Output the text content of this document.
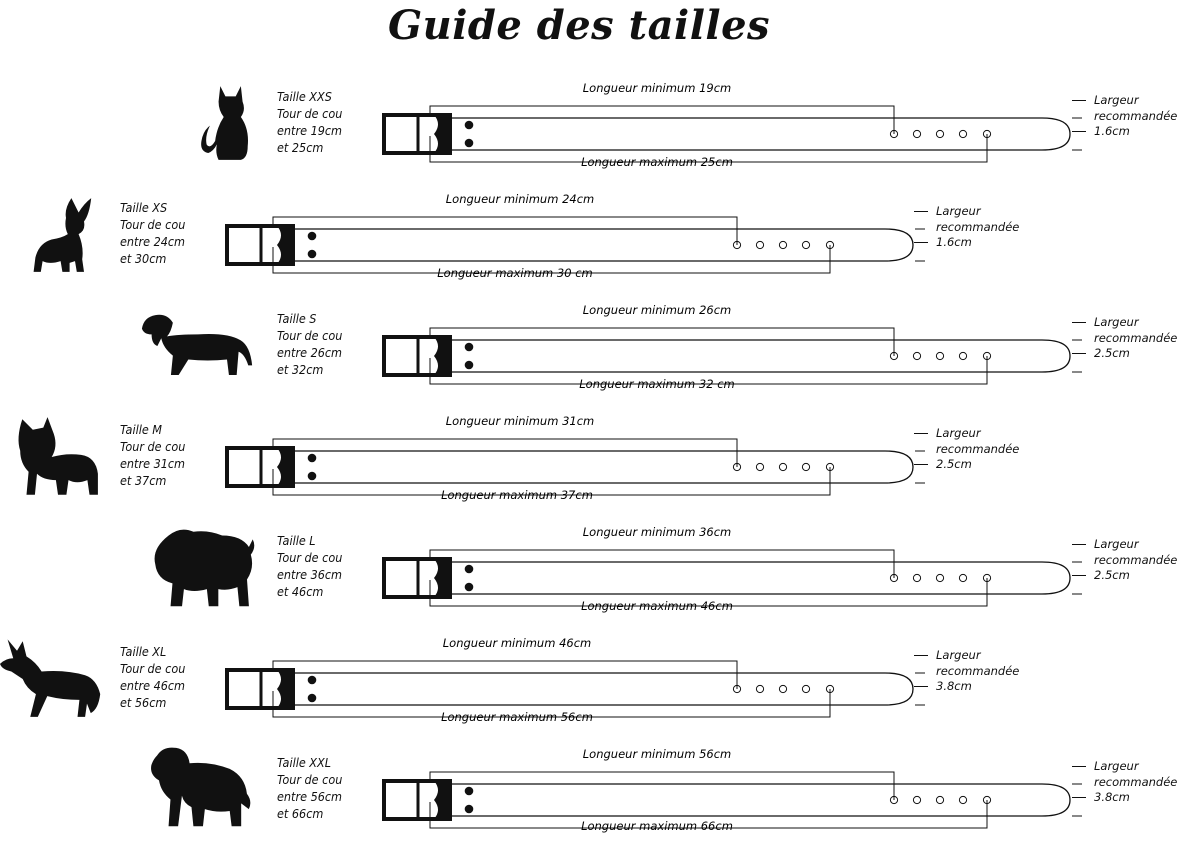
Guide des tailles
Taille XXS
Tour de cou
entre 19cm
et 25cm
Longueur minimum 19cm
Longueur maximum 25cm
Largeur
recommandée
1.6cm
Taille XS
Tour de cou
entre 24cm
et 30cm
Longueur minimum 24cm
Longueur maximum 30 cm
Largeur
recommandée
1.6cm
Taille S
Tour de cou
entre 26cm
et 32cm
Longueur minimum 26cm
Longueur maximum 32 cm
Largeur
recommandée
2.5cm
Taille M
Tour de cou
entre 31cm
et 37cm
Longueur minimum 31cm
Longueur maximum 37cm
Largeur
recommandée
2.5cm
Taille L
Tour de cou
entre 36cm
et 46cm
Longueur minimum 36cm
Longueur maximum 46cm
Largeur
recommandée
2.5cm
Taille XL
Tour de cou
entre 46cm
et 56cm
Longueur minimum 46cm
Longueur maximum 56cm
Largeur
recommandée
3.8cm
Taille XXL
Tour de cou
entre 56cm
et 66cm
Longueur minimum 56cm
Longueur maximum 66cm
Largeur
recommandée
3.8cm
